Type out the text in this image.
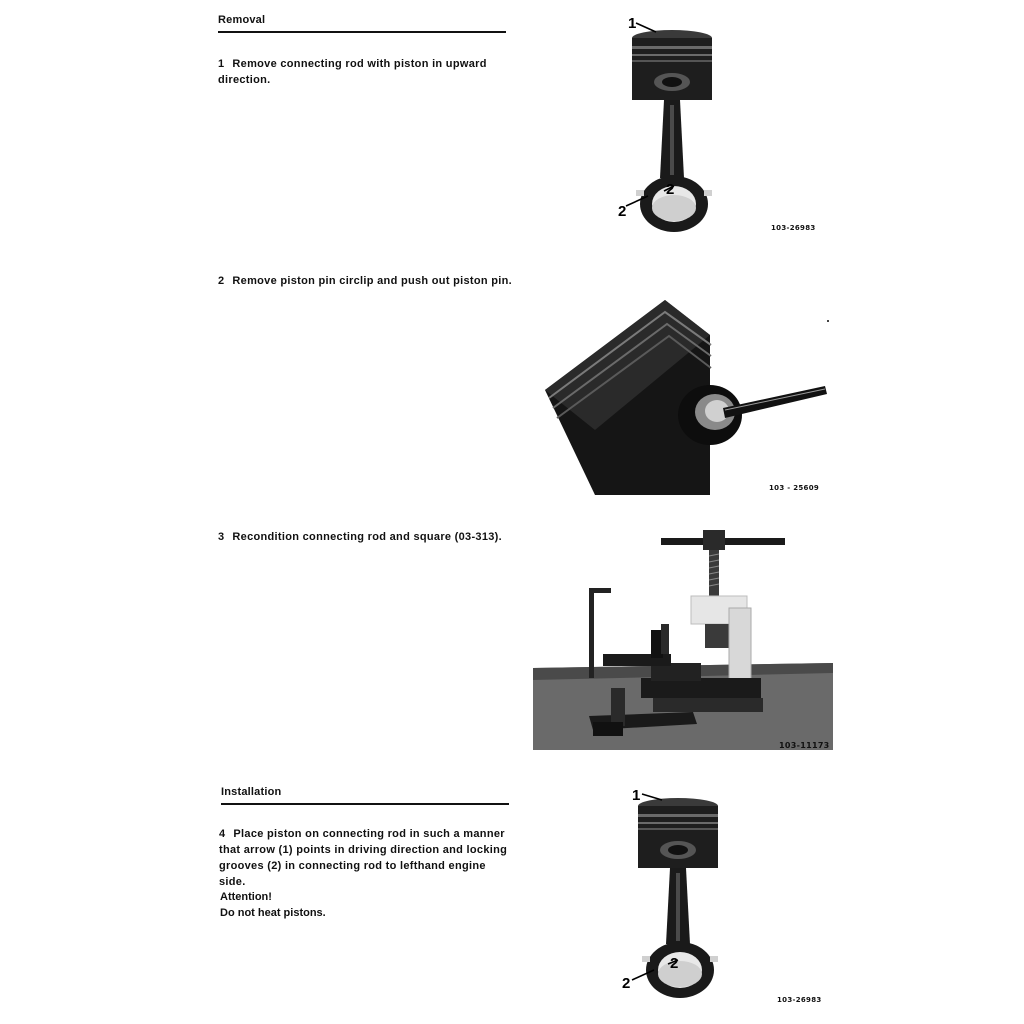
Removal
1 Remove connecting rod with piston in upward direction.
2 Remove piston pin circlip and push out piston pin.
3 Recondition connecting rod and square (03-313).
Installation
4 Place piston on connecting rod in such a manner that arrow (1) points in driving direction and locking grooves (2) in connecting rod to lefthand engine side.
Attention!
Do not heat pistons.
1
2
2
103-26983
103 - 25609
103-11173
1
2
2
103-26983
